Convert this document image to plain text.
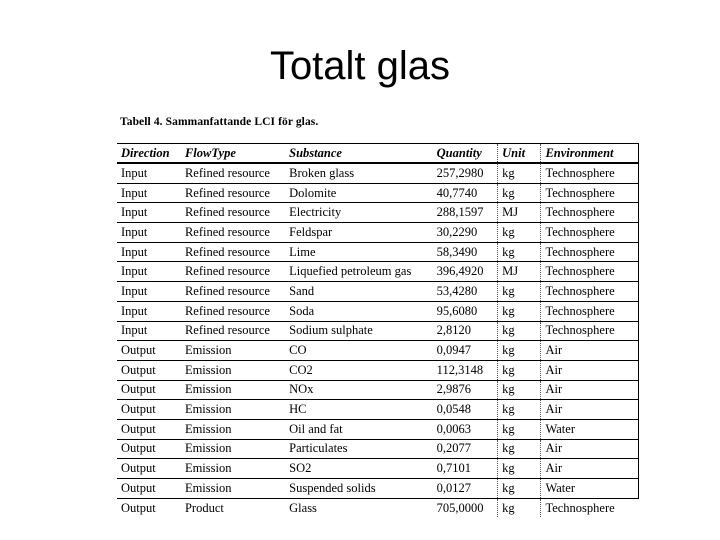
Totalt glas
Tabell 4. Sammanfattande LCI för glas.
Direction	FlowType	Substance	Quantity	Unit	Environment
Input	Refined resource	Broken glass	257,2980	kg	Technosphere
Input	Refined resource	Dolomite	40,7740	kg	Technosphere
Input	Refined resource	Electricity	288,1597	MJ	Technosphere
Input	Refined resource	Feldspar	30,2290	kg	Technosphere
Input	Refined resource	Lime	58,3490	kg	Technosphere
Input	Refined resource	Liquefied petroleum gas	396,4920	MJ	Technosphere
Input	Refined resource	Sand	53,4280	kg	Technosphere
Input	Refined resource	Soda	95,6080	kg	Technosphere
Input	Refined resource	Sodium sulphate	2,8120	kg	Technosphere
Output	Emission	CO	0,0947	kg	Air
Output	Emission	CO2	112,3148	kg	Air
Output	Emission	NOx	2,9876	kg	Air
Output	Emission	HC	0,0548	kg	Air
Output	Emission	Oil and fat	0,0063	kg	Water
Output	Emission	Particulates	0,2077	kg	Air
Output	Emission	SO2	0,7101	kg	Air
Output	Emission	Suspended solids	0,0127	kg	Water
Output	Product	Glass	705,0000	kg	Technosphere
